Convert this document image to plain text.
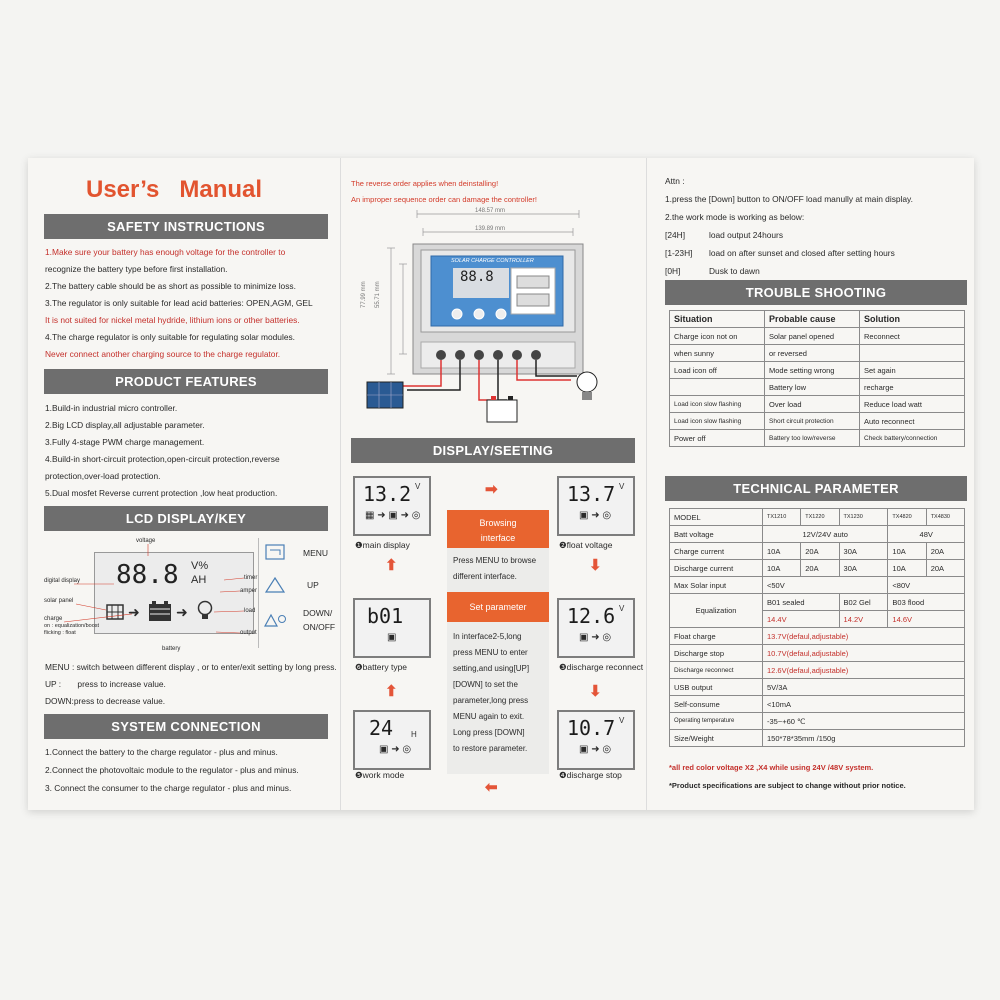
User’s   Manual
SAFETY INSTRUCTIONS
1.Make sure your battery has enough voltage for the controller to
recognize the battery type before first installation.
2.The battery cable should be as short as possible to minimize loss.
3.The regulator is only suitable for lead acid batteries: OPEN,AGM, GEL
It is not suited for nickel metal hydride, lithium ions or other batteries.
4.The charge regulator is only suitable for regulating solar modules.
Never connect another charging source to the charge regulator.
PRODUCT FEATURES
1.Build-in industrial micro controller.
2.Big LCD display,all adjustable parameter.
3.Fully 4-stage PWM charge management.
4.Build-in short-circuit protection,open-circuit protection,reverse
protection,over-load protection.
5.Dual mosfet Reverse current protection ,low heat production.
LCD DISPLAY/KEY
88.8 V%
AH
➜	➜
voltage
digital display
solar panel
charge
on : equalization/boost
flicking : float
battery
timer
amper
load
output
MENU
UP
DOWN/
ON/OFF
MENU : switch between different display , or to enter/exit setting by long press.
UP :       press to increase value.
DOWN:press to decrease value.
SYSTEM CONNECTION
1.Connect the battery to the charge regulator - plus and minus.
2.Connect the photovoltaic module to the regulator - plus and minus.
3. Connect the consumer to the charge regulator - plus and minus.
The reverse order applies when deinstalling!
An improper sequence order can damage the controller!
148.57 mm
139.89 mm
77.99 mm 55.71 mm
SOLAR CHARGE CONTROLLER
88.8
DISPLAY/SEETING
13.2 V
▦ ➜ ▣ ➜ ◎
❶main display
13.7 V
▣ ➜ ◎
❷float voltage
12.6 V
▣ ➜ ◎
❸discharge reconnect
10.7 V
▣ ➜ ◎
❹discharge stop
24 H
▣ ➜ ◎
❺work mode
b01
▣
❻battery type
Browsing interface
Press MENU to browse
different interface.
Set parameter
In interface2-5,long
press MENU to enter
setting,and using[UP]
[DOWN] to set the
parameter,long press
MENU again to exit.
Long press [DOWN]
to restore parameter.
➡
⬇
⬇
⬅
⬆
⬆
Attn :
1.press the [Down] button to ON/OFF load manully at main display.
2.the work mode is working as below:
[24H]	load output 24hours
[1-23H] load on after sunset and closed after setting hours
[0H]	Dusk to dawn
TROUBLE SHOOTING
Situation	Probable cause	Solution
Charge icon not on	Solar panel opened	Reconnect
when sunny	or reversed	
Load icon off	Mode setting wrong	Set again
	Battery low	recharge
Load icon slow flashing	Over load	Reduce load watt
Load icon slow flashing	Short circuit protection	Auto reconnect
Power off	Battery too low/reverse	Check battery/connection
TECHNICAL PARAMETER
MODEL	TX1210	TX1220	TX1230	TX4820	TX4830
Batt voltage	12V/24V auto			48V	
Charge current	10A	20A	30A	10A	20A
Discharge current	10A	20A	30A	10A	20A
Max Solar input	<50V			<80V	
Equalization	B01 sealed		B02 Gel	B03 flood	
	14.4V		14.2V	14.6V	
Float charge	13.7V(defaul,adjustable)				
Discharge stop	10.7V(defaul,adjustable)				
Discharge reconnect	12.6V(defaul,adjustable)				
USB output	5V/3A				
Self-consume	<10mA				
Operating temperature	-35~+60 ℃				
Size/Weight	150*78*35mm /150g				
*all red color voltage X2 ,X4 while using 24V /48V system.
*Product specifications are subject to change without prior notice.
